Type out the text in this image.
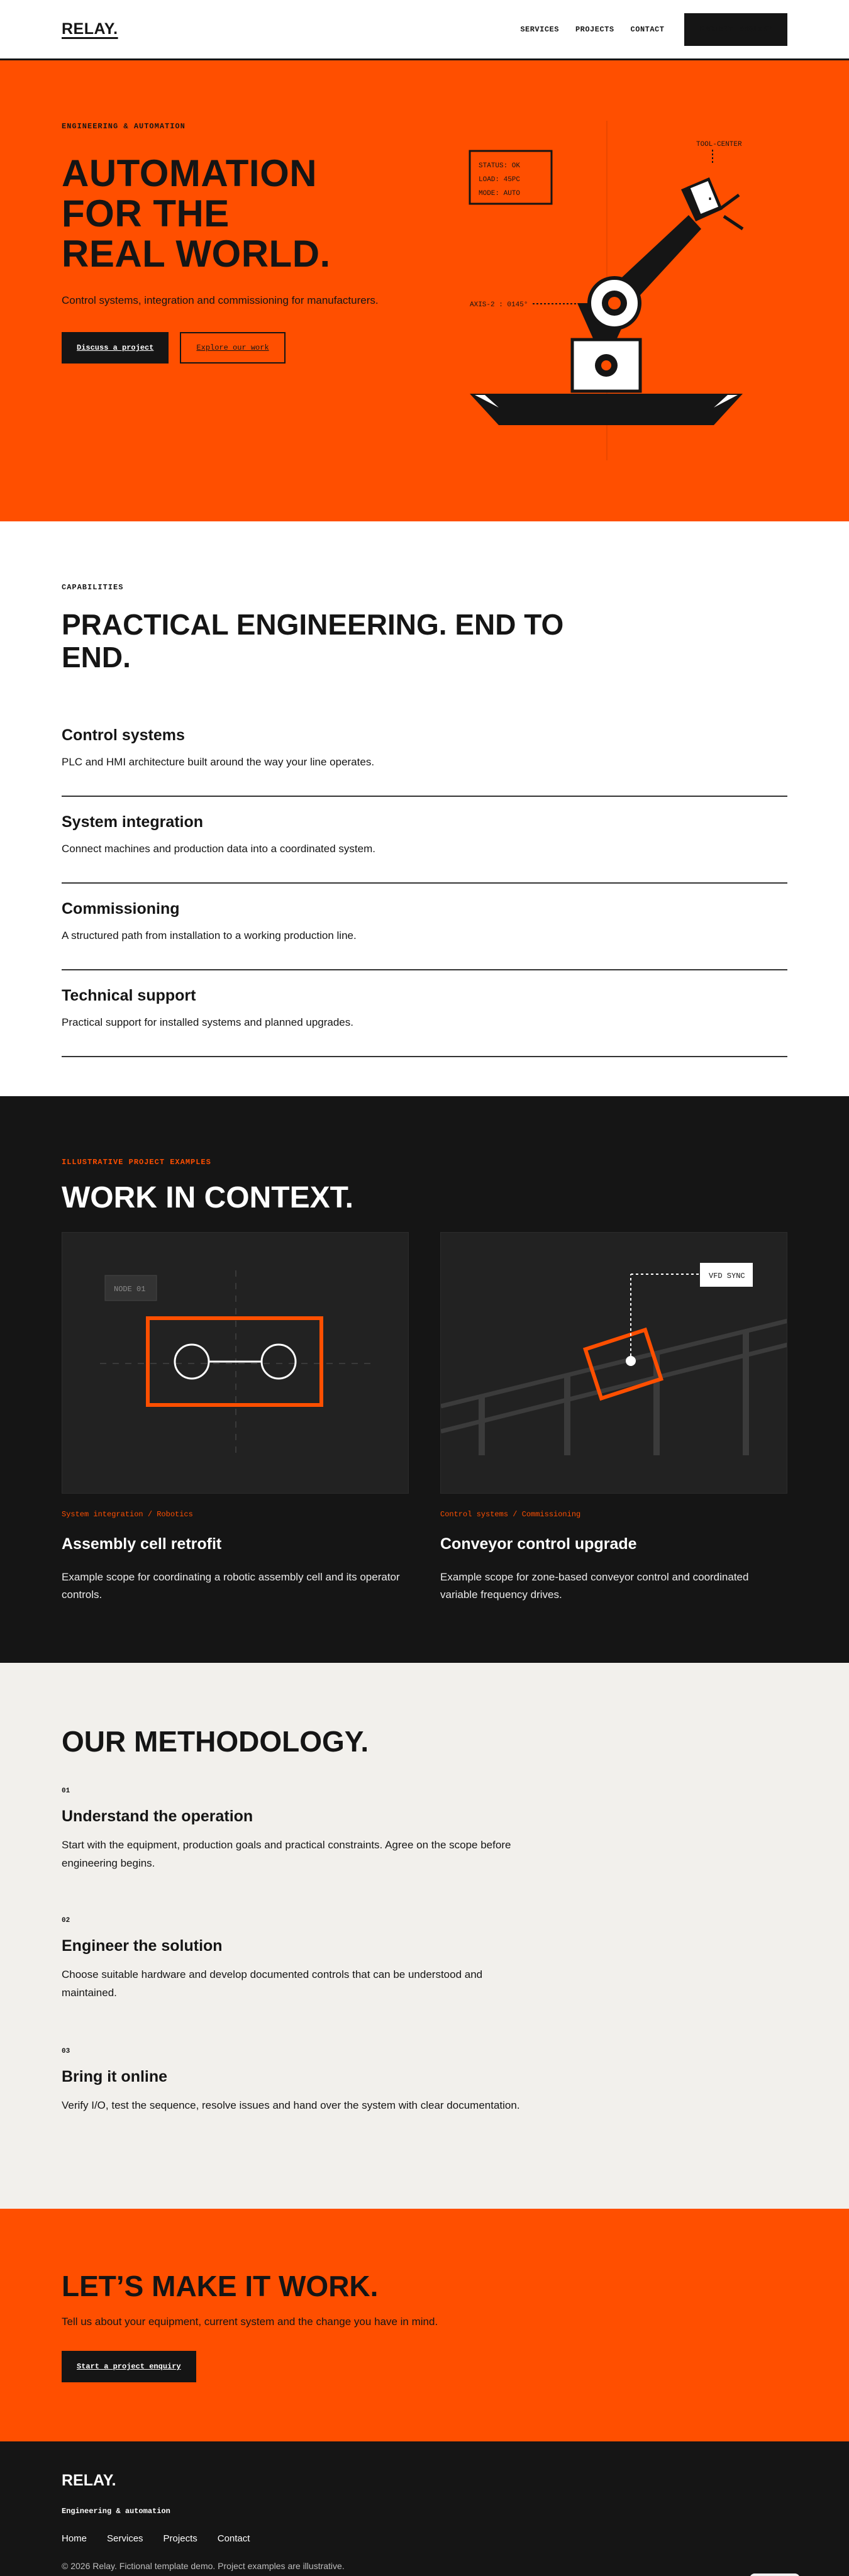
RELAY.	SERVICES PROJECTS CONTACT	PROJECT ENQUIRY
ENGINEERING & AUTOMATION
AUTOMATION
FOR THE
REAL WORLD.

Control systems, integration and commissioning for manufacturers.

Discuss a project	Explore our work
STATUS: OK
LOAD: 45PC
MODE: AUTO
AXIS-2 : 0145°
TOOL-CENTER
CAPABILITIES
PRACTICAL ENGINEERING. END TO END.
Control systems

PLC and HMI architecture built around the way your line operates.

System integration

Connect machines and production data into a coordinated system.

Commissioning

A structured path from installation to a working production line.

Technical support

Practical support for installed systems and planned upgrades.

ILLUSTRATIVE PROJECT EXAMPLES
WORK IN CONTEXT.
NODE 01
System integration / Robotics
Assembly cell retrofit

Example scope for coordinating a robotic assembly cell and its operator controls.

VFD SYNC
Control systems / Commissioning
Conveyor control upgrade

Example scope for zone-based conveyor control and coordinated variable frequency drives.

OUR METHODOLOGY.
01
Understand the operation

Start with the equipment, production goals and practical constraints. Agree on the scope before engineering begins.

02
Engineer the solution

Choose suitable hardware and develop documented controls that can be understood and maintained.

03
Bring it online

Verify I/O, test the sequence, resolve issues and hand over the system with clear documentation.

LET’S MAKE IT WORK.

Tell us about your equipment, current system and the change you have in mind.

Start a project enquiry
RELAY.
Engineering & automation
Home Services Projects Contact
© 2026 Relay. Fictional template demo. Project examples are illustrative.
